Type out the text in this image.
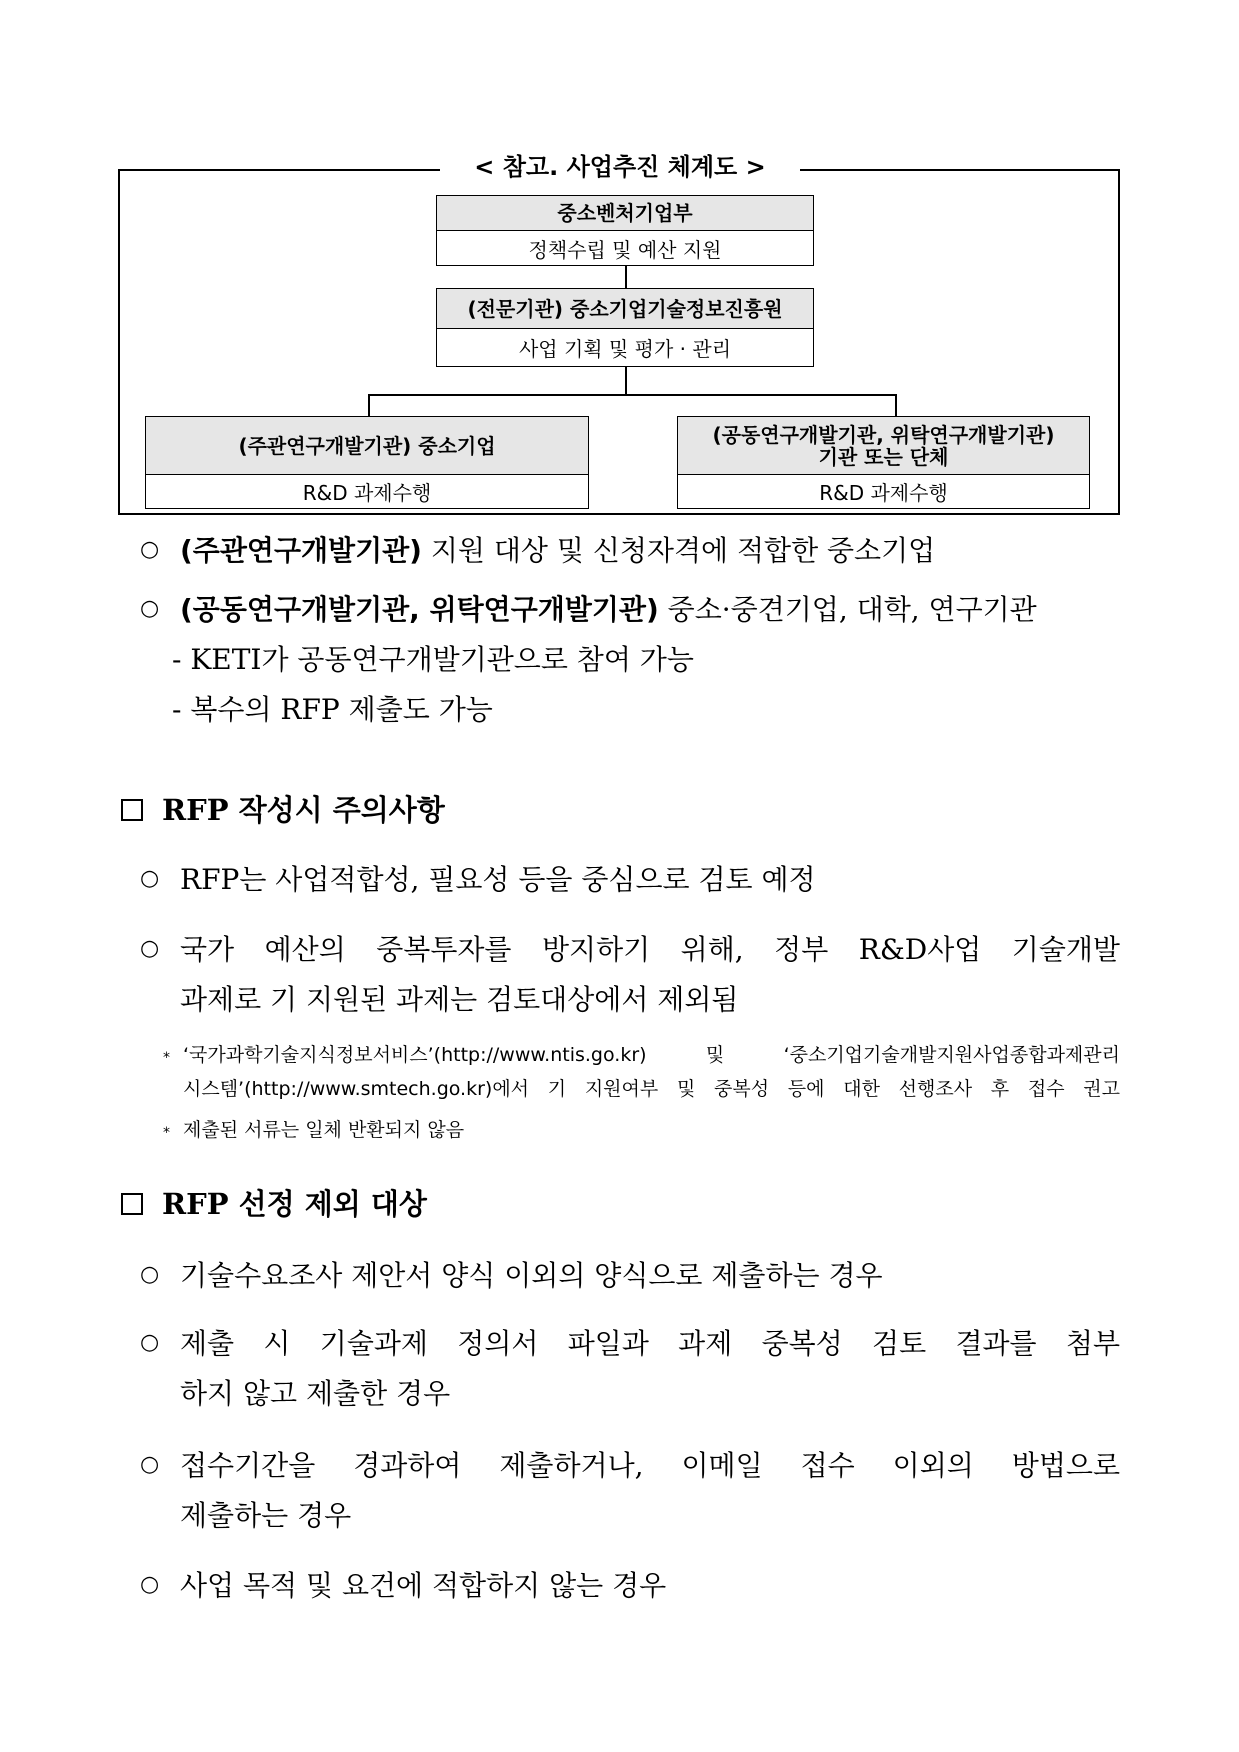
< 참고. 사업추진 체계도 >
중소벤처기업부
정책수립 및 예산 지원
(전문기관) 중소기업기술정보진흥원
사업 기획 및 평가 · 관리
(주관연구개발기관) 중소기업
R&D 과제수행
(공동연구개발기관, 위탁연구개발기관)
기관 또는 단체
R&D 과제수행
○ (주관연구개발기관) 지원 대상 및 신청자격에 적합한 중소기업
○ (공동연구개발기관, 위탁연구개발기관) 중소·중견기업, 대학, 연구기관
- KETI가 공동연구개발기관으로 참여 가능
- 복수의 RFP 제출도 가능
RFP 작성시 주의사항
○ RFP는 사업적합성, 필요성 등을 중심으로 검토 예정
○ 국가 예산의 중복투자를 방지하기 위해, 정부 R&D사업 기술개발
과제로 기 지원된 과제는 검토대상에서 제외됨
* ‘국가과학기술지식정보서비스’(http://www.ntis.go.kr) 및 ‘중소기업기술개발지원사업종합과제관리
시스템’(http://www.smtech.go.kr)에서 기 지원여부 및 중복성 등에 대한 선행조사 후 접수 권고
* 제출된 서류는 일체 반환되지 않음
RFP 선정 제외 대상
○ 기술수요조사 제안서 양식 이외의 양식으로 제출하는 경우
○ 제출 시 기술과제 정의서 파일과 과제 중복성 검토 결과를 첨부
하지 않고 제출한 경우
○ 접수기간을 경과하여 제출하거나, 이메일 접수 이외의 방법으로
제출하는 경우
○ 사업 목적 및 요건에 적합하지 않는 경우
